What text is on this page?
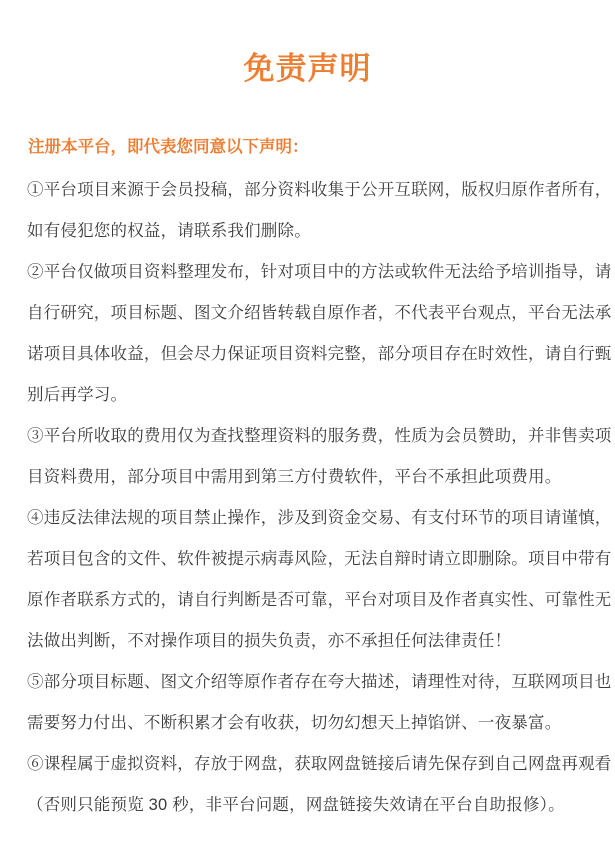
免责声明

注册本平台，即代表您同意以下声明：

①平台项目来源于会员投稿，部分资料收集于公开互联网，版权归原作者所有，
如有侵犯您的权益，请联系我们删除。
②平台仅做项目资料整理发布，针对项目中的方法或软件无法给予培训指导，请
自行研究，项目标题、图文介绍皆转载自原作者，不代表平台观点，平台无法承
诺项目具体收益，但会尽力保证项目资料完整，部分项目存在时效性，请自行甄
别后再学习。
③平台所收取的费用仅为查找整理资料的服务费，性质为会员赞助，并非售卖项
目资料费用，部分项目中需用到第三方付费软件，平台不承担此项费用。
④违反法律法规的项目禁止操作，涉及到资金交易、有支付环节的项目请谨慎，
若项目包含的文件、软件被提示病毒风险，无法自辩时请立即删除。项目中带有
原作者联系方式的，请自行判断是否可靠，平台对项目及作者真实性、可靠性无
法做出判断，不对操作项目的损失负责，亦不承担任何法律责任！
⑤部分项目标题、图文介绍等原作者存在夸大描述，请理性对待，互联网项目也
需要努力付出、不断积累才会有收获，切勿幻想天上掉馅饼、一夜暴富。
⑥课程属于虚拟资料，存放于网盘，获取网盘链接后请先保存到自己网盘再观看
（否则只能预览 30 秒，非平台问题，网盘链接失效请在平台自助报修）。
